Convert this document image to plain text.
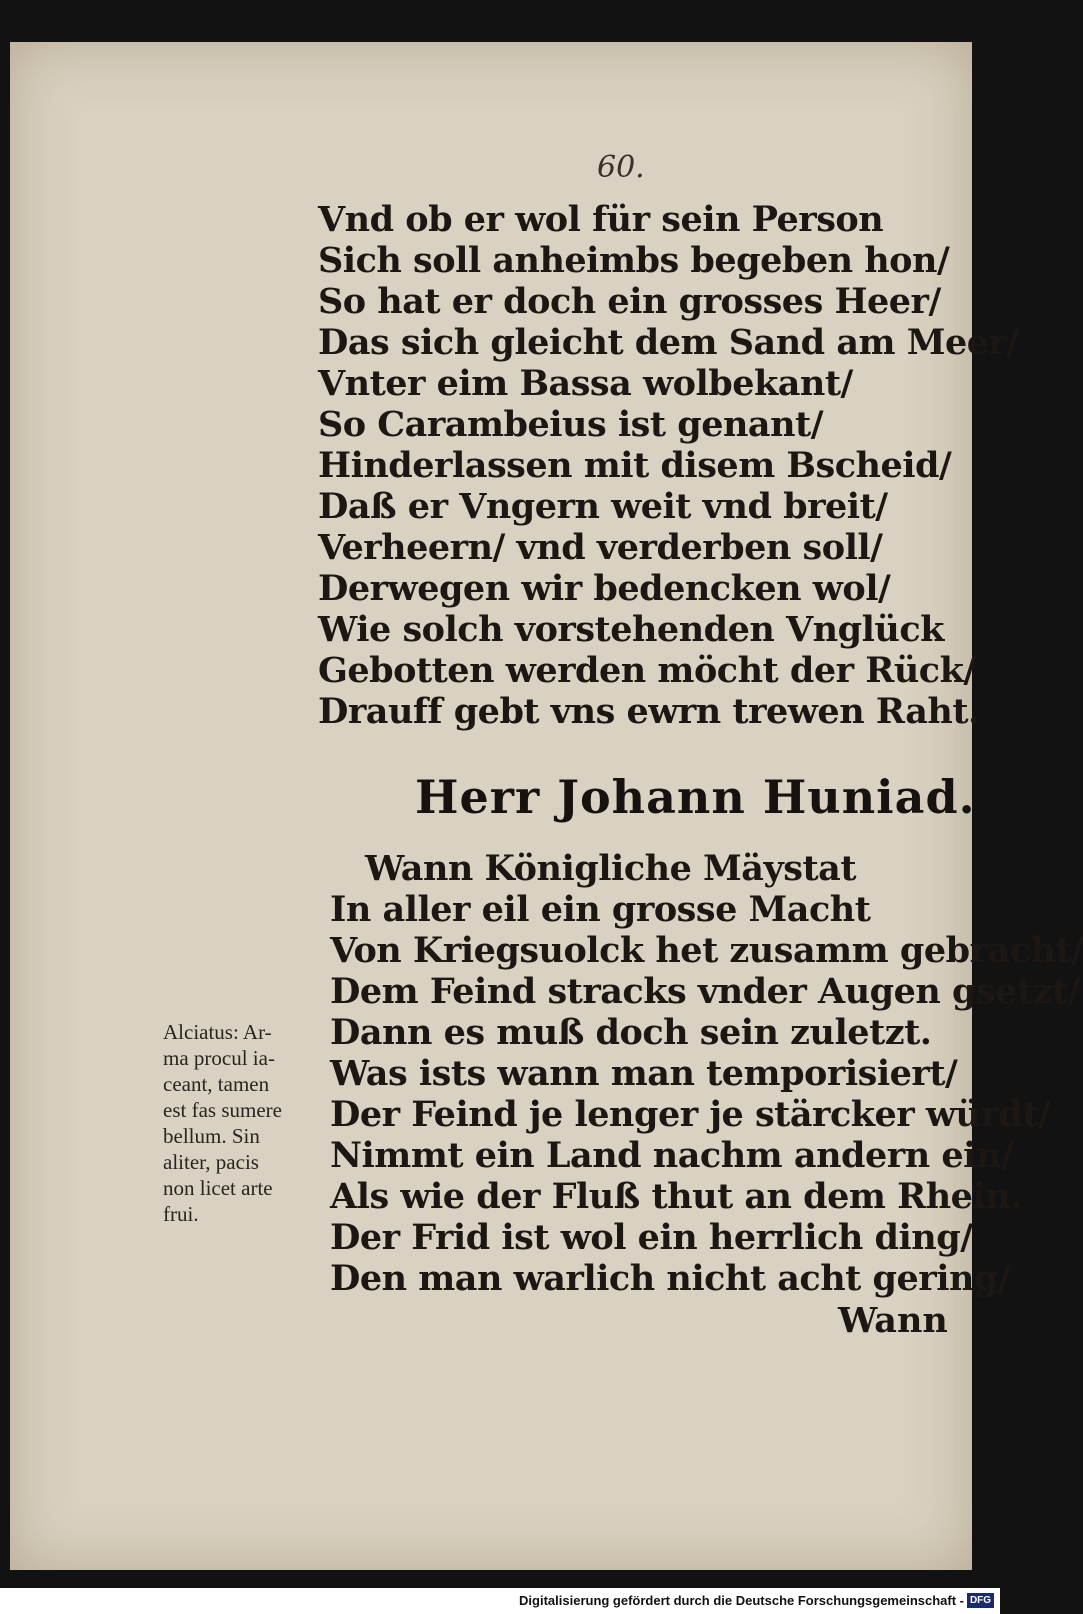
60.
Vnd ob er wol für sein Person
Sich soll anheimbs begeben hon/
So hat er doch ein grosses Heer/
Das sich gleicht dem Sand am Meer/
Vnter eim Bassa wolbekant/
So Carambeius ist genant/
Hinderlassen mit disem Bscheid/
Daß er Vngern weit vnd breit/
Verheern/ vnd verderben soll/
Derwegen wir bedencken wol/
Wie solch vorstehenden Vnglück
Gebotten werden möcht der Rück/
Drauff gebt vns ewrn trewen Raht.
Herr Johann Huniad.
Wann Königliche Mäystat
In aller eil ein grosse Macht
Von Kriegsuolck het zusamm gebracht/
Dem Feind stracks vnder Augen gsetzt/
Dann es muß doch sein zuletzt.
Was ists wann man temporisiert/
Der Feind je lenger je stärcker würdt/
Nimmt ein Land nachm andern ein/
Als wie der Fluß thut an dem Rhein.
Der Frid ist wol ein herrlich ding/
Den man warlich nicht acht gering/
Alciatus: Ar-
ma procul ia-
ceant, tamen
est fas sumere
bellum. Sin
aliter, pacis
non licet arte
frui.
Wann
Digitalisierung gefördert durch die Deutsche Forschungsgemeinschaft - DFG
